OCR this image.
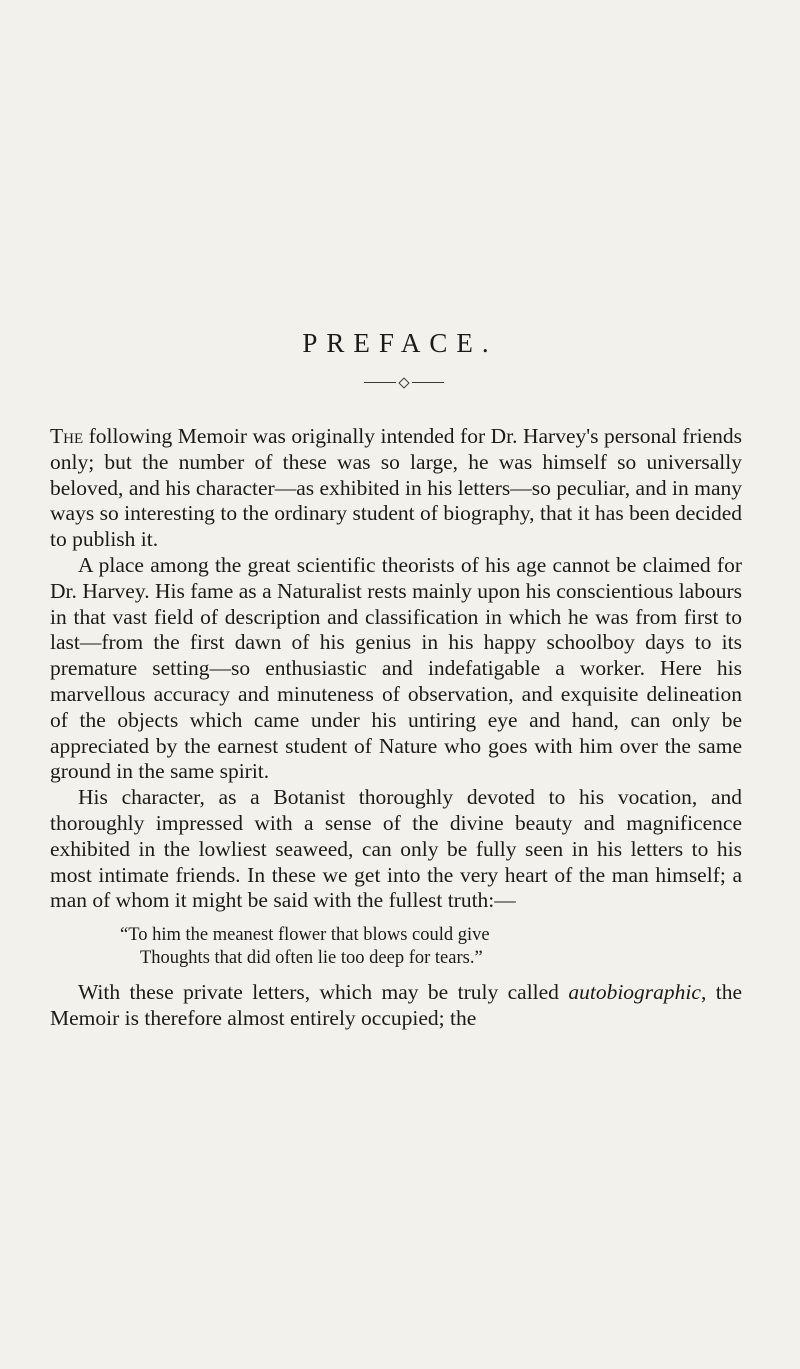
PREFACE.

The following Memoir was originally intended for Dr. Harvey's personal friends only; but the number of these was so large, he was himself so universally beloved, and his character—as exhibited in his letters—so peculiar, and in many ways so interesting to the ordinary student of biography, that it has been decided to publish it.

A place among the great scientific theorists of his age cannot be claimed for Dr. Harvey. His fame as a Naturalist rests mainly upon his conscientious labours in that vast field of description and classification in which he was from first to last—from the first dawn of his genius in his happy schoolboy days to its premature setting—so enthusiastic and indefatigable a worker. Here his marvellous accuracy and minuteness of observation, and exquisite delineation of the objects which came under his untiring eye and hand, can only be appreciated by the earnest student of Nature who goes with him over the same ground in the same spirit.

His character, as a Botanist thoroughly devoted to his vocation, and thoroughly impressed with a sense of the divine beauty and magnificence exhibited in the lowliest seaweed, can only be fully seen in his letters to his most intimate friends. In these we get into the very heart of the man himself; a man of whom it might be said with the fullest truth:—

“To him the meanest flower that blows could give
Thoughts that did often lie too deep for tears.”

With these private letters, which may be truly called autobiographic, the Memoir is therefore almost entirely occupied; the
